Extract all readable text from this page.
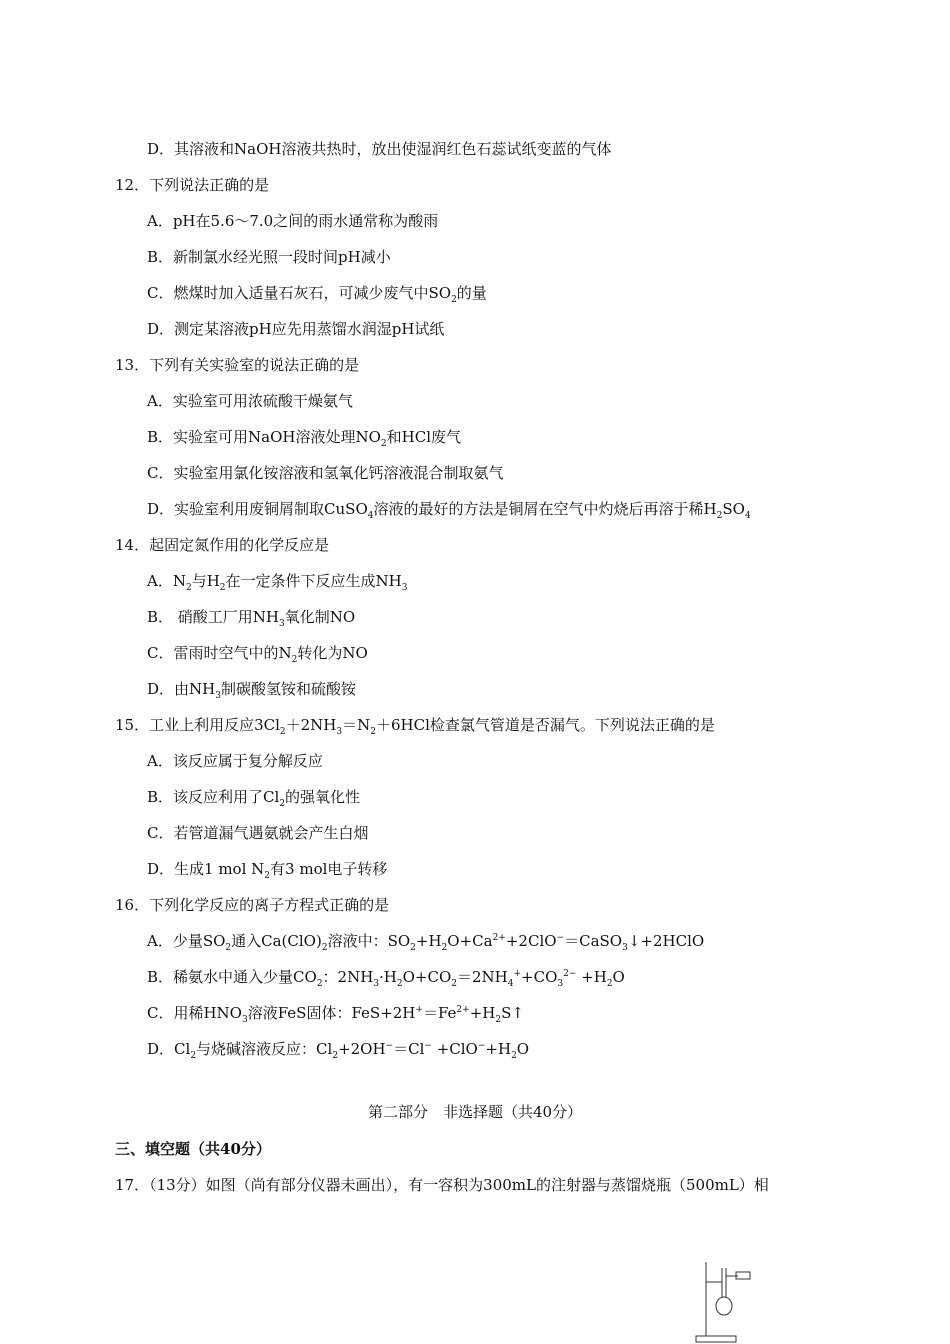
D．其溶液和NaOH溶液共热时，放出使湿润红色石蕊试纸变蓝的气体
12．下列说法正确的是
A．pH在5.6～7.0之间的雨水通常称为酸雨
B．新制氯水经光照一段时间pH减小
C．燃煤时加入适量石灰石，可减少废气中$SO_2$的量
D．测定某溶液pH应先用蒸馏水润湿pH试纸
13．下列有关实验室的说法正确的是
A．实验室可用浓硫酸干燥氨气
B．实验室可用NaOH溶液处理$NO_2$和HCl废气
C．实验室用氯化铵溶液和氢氧化钙溶液混合制取氨气
D．实验室利用废铜屑制取CuSO$_4$溶液的最好的方法是铜屑在空气中灼烧后再溶于稀$H_2SO_4$
14．起固定氮作用的化学反应是
A．$N_2$与$H_2$在一定条件下反应生成$NH_3$
B． 硝酸工厂用$NH_3$氧化制NO
C．雷雨时空气中的$N_2$转化为NO
D．由$NH_3$制碳酸氢铵和硫酸铵
15．工业上利用反应$3Cl_2+2NH_3=N_2+6HCl$检查氯气管道是否漏气。下列说法正确的是
A．该反应属于复分解反应
B．该反应利用了$Cl_2$的强氧化性
C．若管道漏气遇氨就会产生白烟
D．生成1 mol $N_2$有3 mol电子转移
16．下列化学反应的离子方程式正确的是
A．少量$SO_2$通入$Ca(ClO)_2$溶液中：$SO_2+H_2O+Ca^{2+}+2ClO^-=CaSO_3↓+2HClO$
B．稀氨水中通入少量$CO_2$：$2NH_3\cdot H_2O+CO_2=2NH_4^++CO_3^{2-} +H_2O$
C．用稀$HNO_3$溶液FeS固体：$FeS+2H^+=Fe^{2+}+H_2S↑$
D．$Cl_2$与烧碱溶液反应：$Cl_2+2OH^-=Cl^- +ClO^-+H_2O$
第二部分　非选择题（共40分）
三、填空题（共40分）
17．（13分）如图（尚有部分仪器未画出），有一容积为300mL的注射器与蒸馏烧瓶（500mL）相
